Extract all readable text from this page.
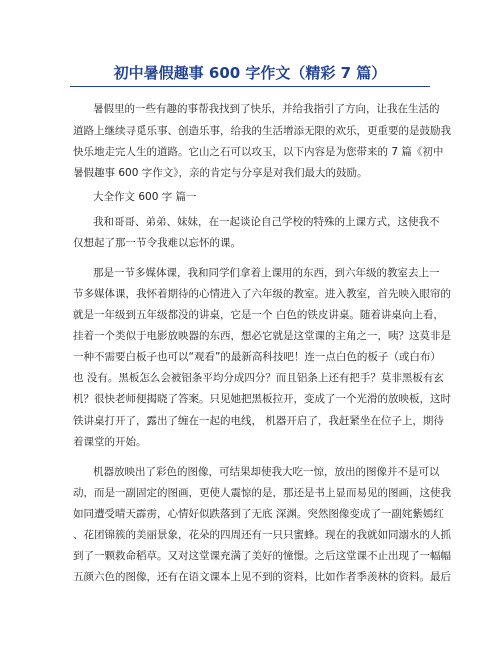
初中暑假趣事 600 字作文（精彩 7 篇）
暑假里的一些有趣的事帮我找到了快乐，并给我指引了方向，让我在生活的
道路上继续寻觅乐事、创造乐事，给我的生活增添无限的欢乐，更重要的是鼓励我
快乐地走完人生的道路。它山之石可以攻玉，以下内容是为您带来的 7 篇《初中
暑假趣事 600 字作文》，亲的肯定与分享是对我们最大的鼓励。
大全作文 600 字 篇一
我和哥哥、弟弟、妹妹，在一起谈论自己学校的特殊的上课方式，这使我不
仅想起了那一节令我难以忘怀的课。
那是一节多媒体课，我和同学们拿着上课用的东西，到六年级的教室去上一
节多媒体课，我怀着期待的心情进入了六年级的教室。进入教室，首先映入眼帘的
就是一年级到五年级都没的讲桌，它是一个 白色的铁皮讲桌。随着讲桌向上看，
挂着一个类似于电影放映器的东西，想必它就是这堂课的主角之一，咦？这莫非是
一种不需要白板子也可以“观看”的最新高科技吧！连一点白色的板子（或白布）
也 没有。黑板怎么会被铝条平均分成四分？而且铝条上还有把手？莫非黑板有玄
机？很快老师便揭晓了答案。只见她把黑板拉开，变成了一个光滑的放映板，这时
铁讲桌打开了，露出了缠在一起的电线， 机器开启了，我赶紧坐在位子上，期待
着课堂的开始。
机器放映出了彩色的图像，可结果却使我大吃一惊，放出的图像并不是可以
动，而是一副固定的图画，更使人震惊的是，那还是书上显而易见的图画，这使我
如同遭受晴天霹雳，心情好似跌落到了无底 深渊。突然图像变成了一副姹紫嫣红
、花团锦簇的美丽景象，花朵的四周还有一只只蜜蜂。现在的我就如同溺水的人抓
到了一颗救命稻草。又对这堂课充满了美好的憧憬。之后这堂课不止出现了一幅幅
五颜六色的图像，还有在语文课本上见不到的资料，比如作者季羡林的资料。最后
